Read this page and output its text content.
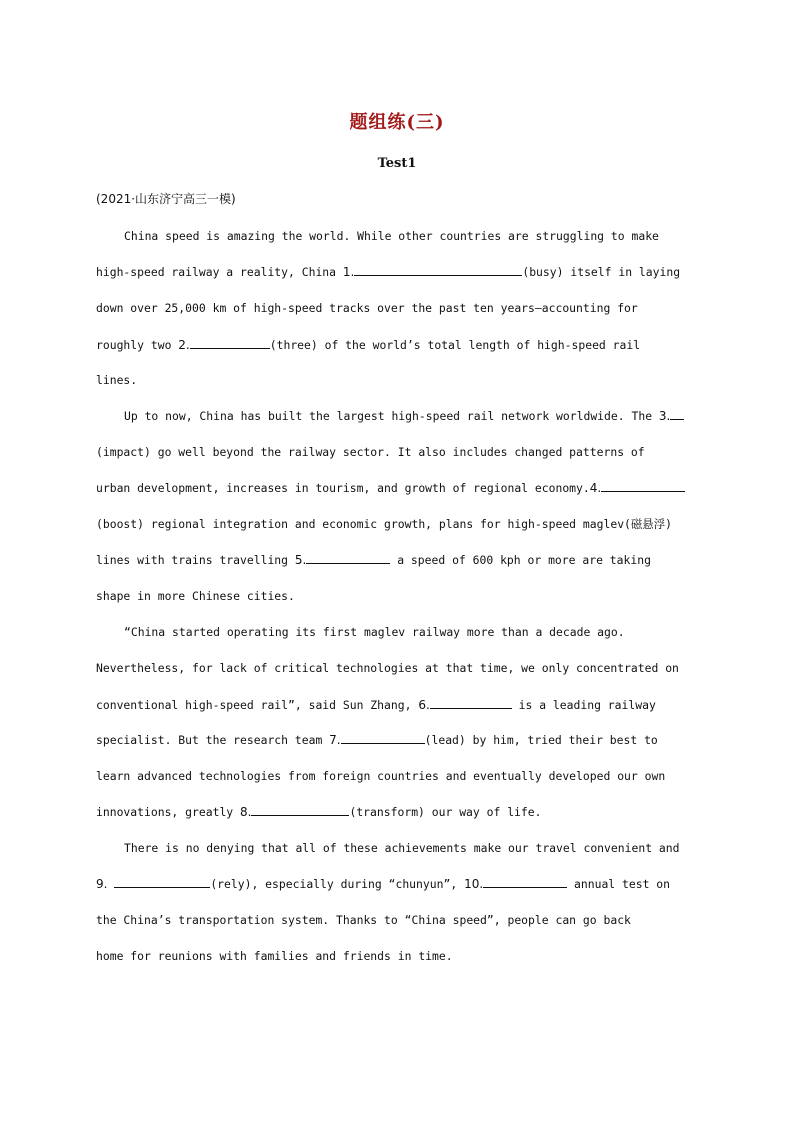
题组练(三)
Test1
(2021·山东济宁高三一模)
China speed is amazing the world. While other countries are struggling to make
high-speed railway a reality, China 1.	(busy) itself in laying
down over 25,000 km of high-speed tracks over the past ten years—accounting for
roughly two 2.	(three) of the world’s total length of high-speed rail
lines.
Up to now, China has built the largest high-speed rail network worldwide. The 3.
(impact) go well beyond the railway sector. It also includes changed patterns of
urban development, increases in tourism, and growth of regional economy.4.
(boost) regional integration and economic growth, plans for high-speed maglev(磁悬浮)
lines with trains travelling 5.	a speed of 600 kph or more are taking
shape in more Chinese cities.
“China started operating its first maglev railway more than a decade ago.
Nevertheless, for lack of critical technologies at that time, we only concentrated on
conventional high-speed rail”, said Sun Zhang, 6.	is a leading railway
specialist. But the research team 7.	(lead) by him, tried their best to
learn advanced technologies from foreign countries and eventually developed our own
innovations, greatly 8.	(transform) our way of life.
There is no denying that all of these achievements make our travel convenient and
9.	(rely), especially during “chunyun”, 10.	annual test on
the China’s transportation system. Thanks to “China speed”, people can go back
home for reunions with families and friends in time.
